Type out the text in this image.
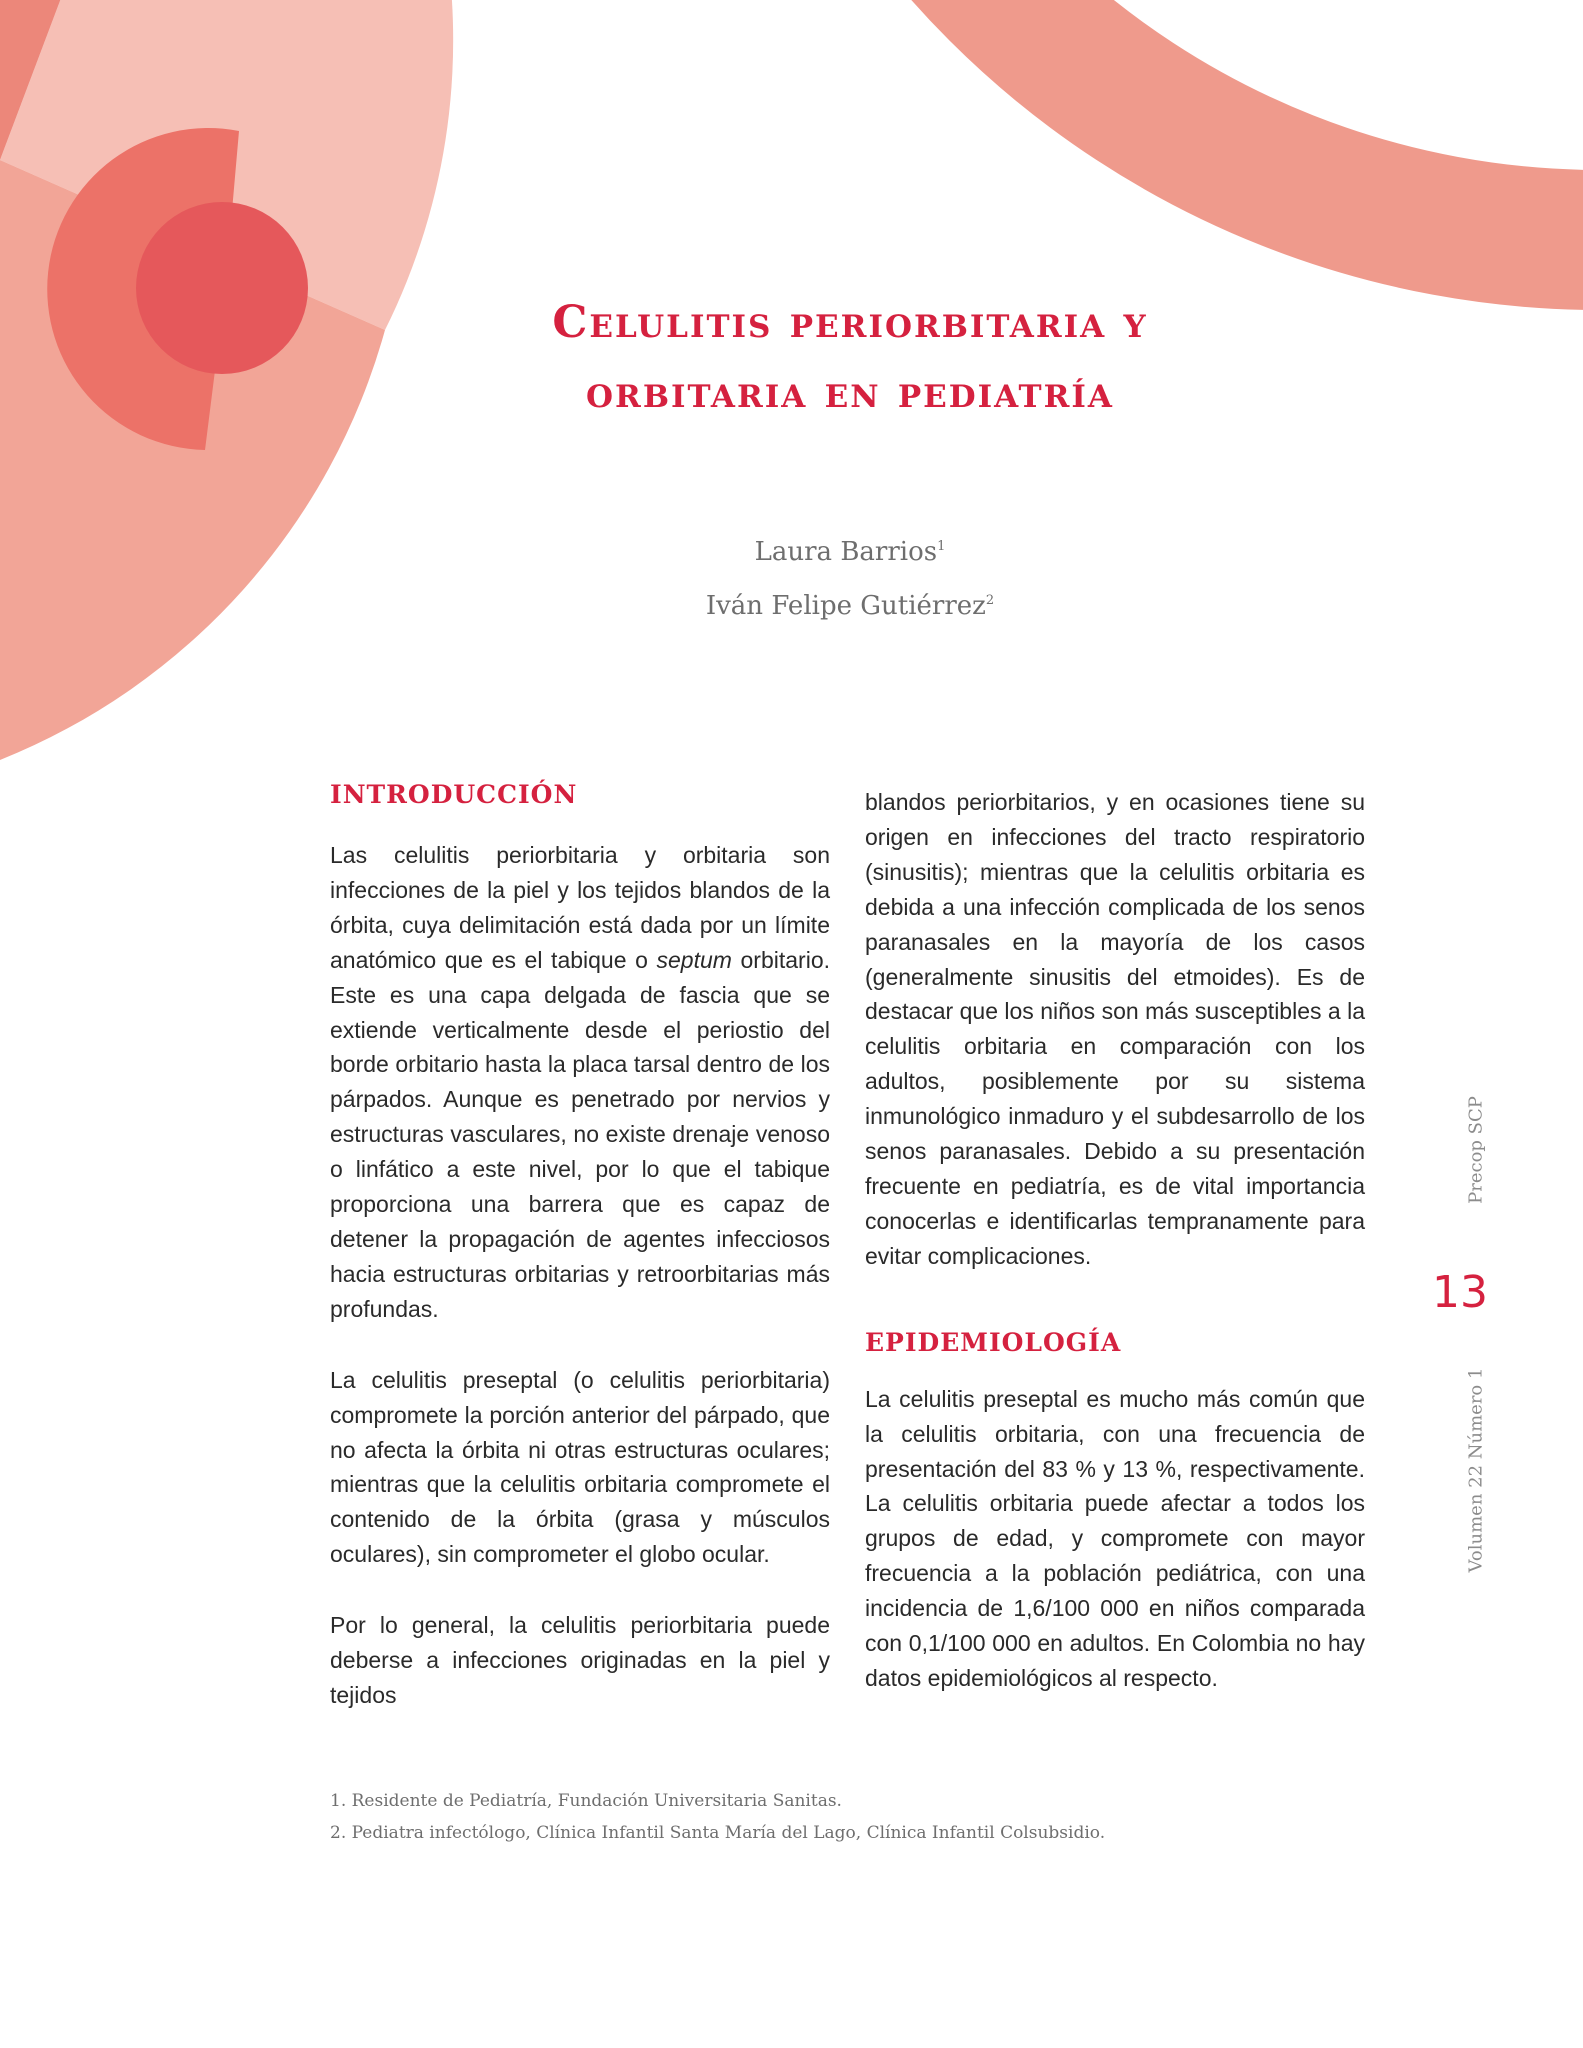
Celulitis periorbitaria y
orbitaria en pediatría
Laura Barrios$^1$
Iván Felipe Gutiérrez$^2$
INTRODUCCIÓN

Las celulitis periorbitaria y orbitaria son infecciones de la piel y los tejidos blandos de la órbita, cuya delimitación está dada por un límite anatómico que es el tabique o septum orbitario. Este es una capa delgada de fascia que se extiende verticalmente desde el periostio del borde orbitario hasta la placa tarsal dentro de los párpados. Aunque es penetrado por nervios y estructuras vasculares, no existe drenaje venoso o linfático a este nivel, por lo que el tabique proporciona una barrera que es capaz de detener la propagación de agentes infecciosos hacia estructuras orbitarias y retroorbitarias más profundas.

La celulitis preseptal (o celulitis periorbitaria) compromete la porción anterior del párpado, que no afecta la órbita ni otras estructuras oculares; mientras que la celulitis orbitaria compromete el contenido de la órbita (grasa y músculos oculares), sin comprometer el globo ocular.

Por lo general, la celulitis periorbitaria puede deberse a infecciones originadas en la piel y tejidos

blandos periorbitarios, y en ocasiones tiene su origen en infecciones del tracto respiratorio (sinusitis); mientras que la celulitis orbitaria es debida a una infección complicada de los senos paranasales en la mayoría de los casos (generalmente sinusitis del etmoides). Es de destacar que los niños son más susceptibles a la celulitis orbitaria en comparación con los adultos, posiblemente por su sistema inmunológico inmaduro y el subdesarrollo de los senos paranasales. Debido a su presentación frecuente en pediatría, es de vital importancia conocerlas e identificarlas tempranamente para evitar complicaciones.

EPIDEMIOLOGÍA

La celulitis preseptal es mucho más común que la celulitis orbitaria, con una frecuencia de presentación del 83 % y 13 %, respectivamente. La celulitis orbitaria puede afectar a todos los grupos de edad, y compromete con mayor frecuencia a la población pediátrica, con una incidencia de 1,6/100 000 en niños comparada con 0,1/100 000 en adultos. En Colombia no hay datos epidemiológicos al respecto.

1. Residente de Pediatría, Fundación Universitaria Sanitas.
2. Pediatra infectólogo, Clínica Infantil Santa María del Lago, Clínica Infantil Colsubsidio.
Precop SCP
13
Volumen 22 Número 1
